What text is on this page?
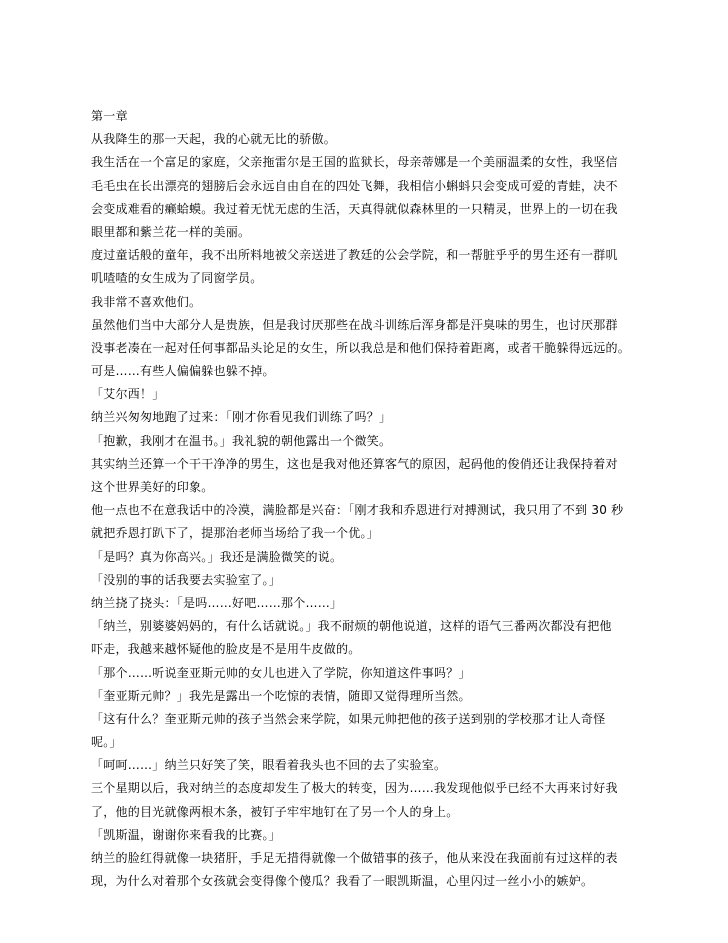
第一章
从我降生的那一天起，我的心就无比的骄傲。
我生活在一个富足的家庭，父亲拖雷尔是王国的监狱长，母亲蒂娜是一个美丽温柔的女性，我坚信
毛毛虫在长出漂亮的翅膀后会永远自由自在的四处飞舞，我相信小蝌蚪只会变成可爱的青蛙，决不
会变成难看的癞蛤蟆。我过着无忧无虑的生活，天真得就似森林里的一只精灵，世界上的一切在我
眼里都和紫兰花一样的美丽。
度过童话般的童年，我不出所料地被父亲送进了教廷的公会学院，和一帮脏乎乎的男生还有一群叽
叽喳喳的女生成为了同窗学员。
我非常不喜欢他们。
虽然他们当中大部分人是贵族，但是我讨厌那些在战斗训练后浑身都是汗臭味的男生，也讨厌那群
没事老凑在一起对任何事都品头论足的女生，所以我总是和他们保持着距离，或者干脆躲得远远的。
可是……有些人偏偏躲也躲不掉。
「艾尔西！」
纳兰兴匆匆地跑了过来：「刚才你看见我们训练了吗？」
「抱歉，我刚才在温书。」我礼貌的朝他露出一个微笑。
其实纳兰还算一个干干净净的男生，这也是我对他还算客气的原因，起码他的俊俏还让我保持着对
这个世界美好的印象。
他一点也不在意我话中的冷漠，满脸都是兴奋：「刚才我和乔恩进行对搏测试，我只用了不到 30 秒
就把乔恩打趴下了，提那治老师当场给了我一个优。」
「是吗？真为你高兴。」我还是满脸微笑的说。
「没别的事的话我要去实验室了。」
纳兰挠了挠头：「是吗……好吧……那个……」
「纳兰，别婆婆妈妈的，有什么话就说。」我不耐烦的朝他说道，这样的语气三番两次都没有把他
吓走，我越来越怀疑他的脸皮是不是用牛皮做的。
「那个……听说奎亚斯元帅的女儿也进入了学院，你知道这件事吗？」
「奎亚斯元帅？」我先是露出一个吃惊的表情，随即又觉得理所当然。
「这有什么？奎亚斯元帅的孩子当然会来学院，如果元帅把他的孩子送到别的学校那才让人奇怪
呢。」
「呵呵……」纳兰只好笑了笑，眼看着我头也不回的去了实验室。
三个星期以后，我对纳兰的态度却发生了极大的转变，因为……我发现他似乎已经不大再来讨好我
了，他的目光就像两根木条，被钉子牢牢地钉在了另一个人的身上。
「凯斯温，谢谢你来看我的比赛。」
纳兰的脸红得就像一块猪肝，手足无措得就像一个做错事的孩子，他从来没在我面前有过这样的表
现，为什么对着那个女孩就会变得像个傻瓜？我看了一眼凯斯温，心里闪过一丝小小的嫉妒。
